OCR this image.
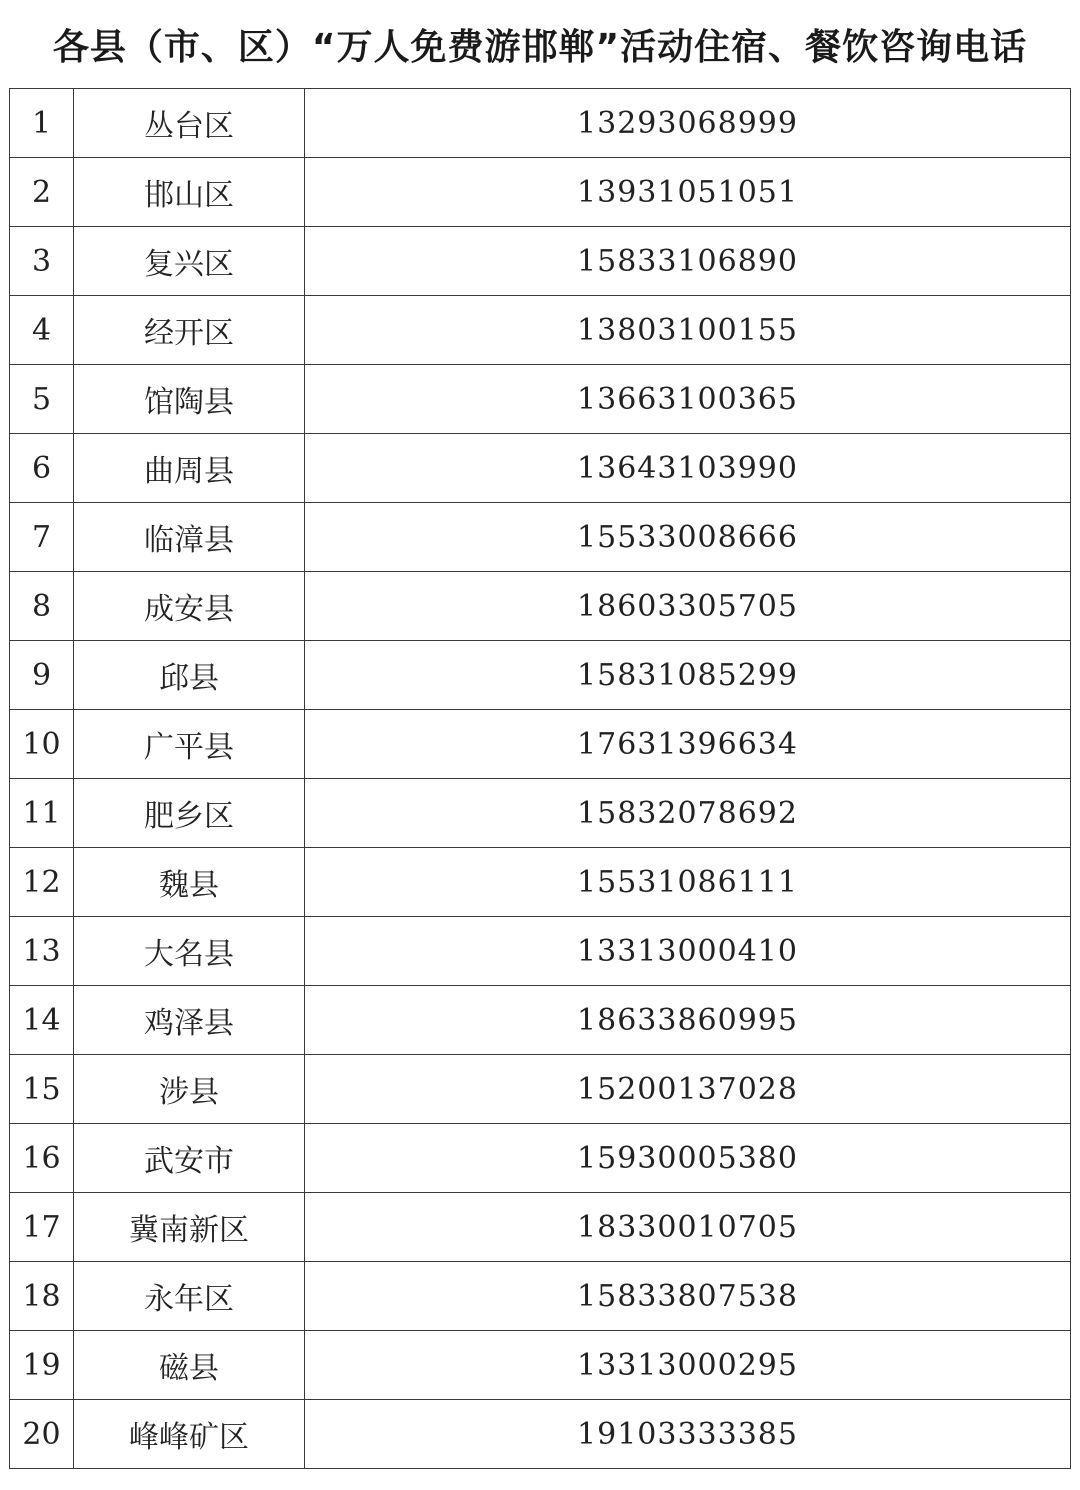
各县（市、区）“万人免费游邯郸”活动住宿、餐饮咨询电话
1	丛台区	13293068999
2	邯山区	13931051051
3	复兴区	15833106890
4	经开区	13803100155
5	馆陶县	13663100365
6	曲周县	13643103990
7	临漳县	15533008666
8	成安县	18603305705
9	邱县	15831085299
10	广平县	17631396634
11	肥乡区	15832078692
12	魏县	15531086111
13	大名县	13313000410
14	鸡泽县	18633860995
15	涉县	15200137028
16	武安市	15930005380
17	冀南新区	18330010705
18	永年区	15833807538
19	磁县	13313000295
20	峰峰矿区	19103333385
